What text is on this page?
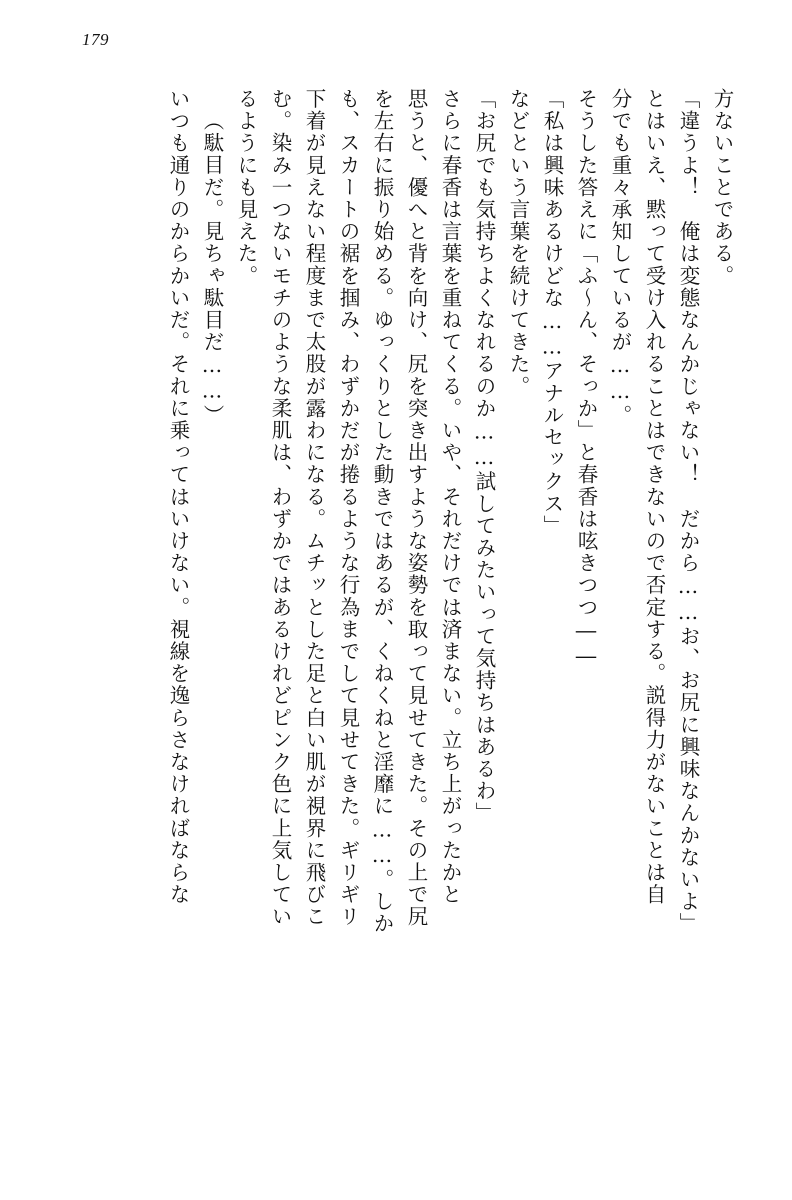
179
方ないことである。
「違うよ！　俺は変態なんかじゃない！　だから……お、お尻に興味なんかないよ」
とはいえ、黙って受け入れることはできないので否定する。説得力がないことは自
分でも重々承知しているが……。
そうした答えに「ふ～ん、そっか」と春香は呟きつつ――
「私は興味あるけどな……アナルセックス」
などという言葉を続けてきた。
「お尻でも気持ちよくなれるのか……試してみたいって気持ちはあるわ」
さらに春香は言葉を重ねてくる。いや、それだけでは済まない。立ち上がったかと
思うと、優へと背を向け、尻を突き出すような姿勢を取って見せてきた。その上で尻
を左右に振り始める。ゆっくりとした動きではあるが、くねくねと淫靡に……。しか
も、スカートの裾を掴み、わずかだが捲るような行為までして見せてきた。ギリギリ
下着が見えない程度まで太股が露わになる。ムチッとした足と白い肌が視界に飛びこ
む。染み一つないモチのような柔肌は、わずかではあるけれどピンク色に上気してい
るようにも見えた。
（駄目だ。見ちゃ駄目だ……）
いつも通りのからかいだ。それに乗ってはいけない。視線を逸らさなければならな
